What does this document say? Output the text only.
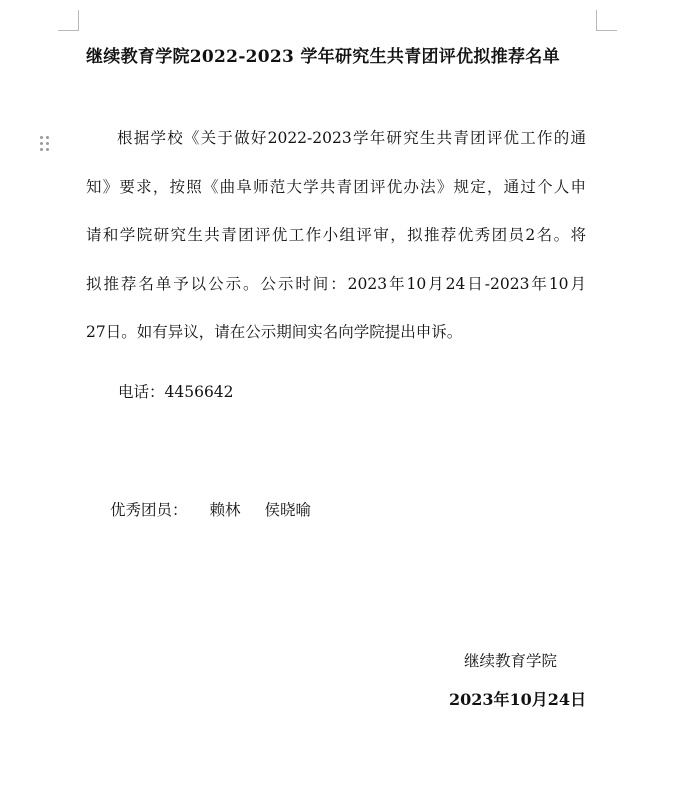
继续教育学院2022-2023 学年研究生共青团评优拟推荐名单
根据学校《关于做好2022-2023学年研究生共青团评优工作的通
知》要求，按照《曲阜师范大学共青团评优办法》规定，通过个人申
请和学院研究生共青团评优工作小组评审，拟推荐优秀团员2名。将
拟推荐名单予以公示。公示时间：2023年10月24日-2023年10月
27日。如有异议，请在公示期间实名向学院提出申诉。
电话：4456642
优秀团员： 赖林 侯晓喻
继续教育学院
2023年10月24日
